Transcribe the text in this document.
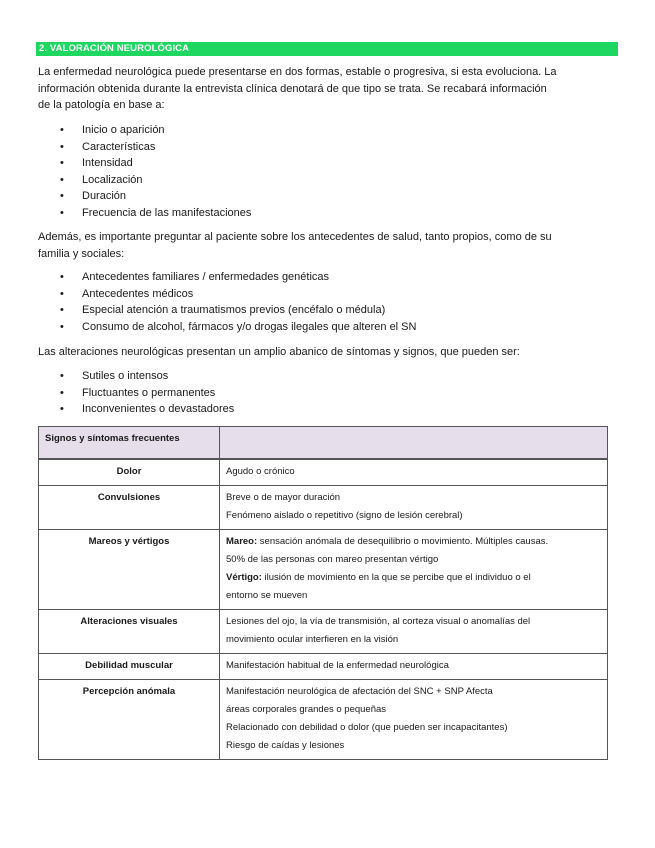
2. VALORACIÓN NEUROLÓGICA

La enfermedad neurológica puede presentarse en dos formas, estable o progresiva, si esta evoluciona. La
información obtenida durante la entrevista clínica denotará de que tipo se trata. Se recabará información
de la patología en base a:

• Inicio o aparición
• Características
• Intensidad
• Localización
• Duración
• Frecuencia de las manifestaciones

Además, es importante preguntar al paciente sobre los antecedentes de salud, tanto propios, como de su
familia y sociales:

• Antecedentes familiares / enfermedades genéticas
• Antecedentes médicos
• Especial atención a traumatismos previos (encéfalo o médula)
• Consumo de alcohol, fármacos y/o drogas ilegales que alteren el SN

Las alteraciones neurológicas presentan un amplio abanico de síntomas y signos, que pueden ser:

• Sutiles o intensos
• Fluctuantes o permanentes
• Inconvenientes o devastadores
Signos y síntomas frecuentes	

Dolor	Agudo o crónico

Convulsiones	Breve o de mayor duración
Fenómeno aislado o repetitivo (signo de lesión cerebral)

Mareos y vértigos	Mareo: sensación anómala de desequilibrio o movimiento. Múltiples causas.
50% de las personas con mareo presentan vértigo
Vértigo: ilusión de movimiento en la que se percibe que el individuo o el
entorno se mueven

Alteraciones visuales	Lesiones del ojo, la vía de transmisión, al corteza visual o anomalías del
movimiento ocular interfieren en la visión

Debilidad muscular	Manifestación habitual de la enfermedad neurológica

Percepción anómala	Manifestación neurológica de afectación del SNC + SNP Afecta
áreas corporales grandes o pequeñas
Relacionado con debilidad o dolor (que pueden ser incapacitantes)
Riesgo de caídas y lesiones
